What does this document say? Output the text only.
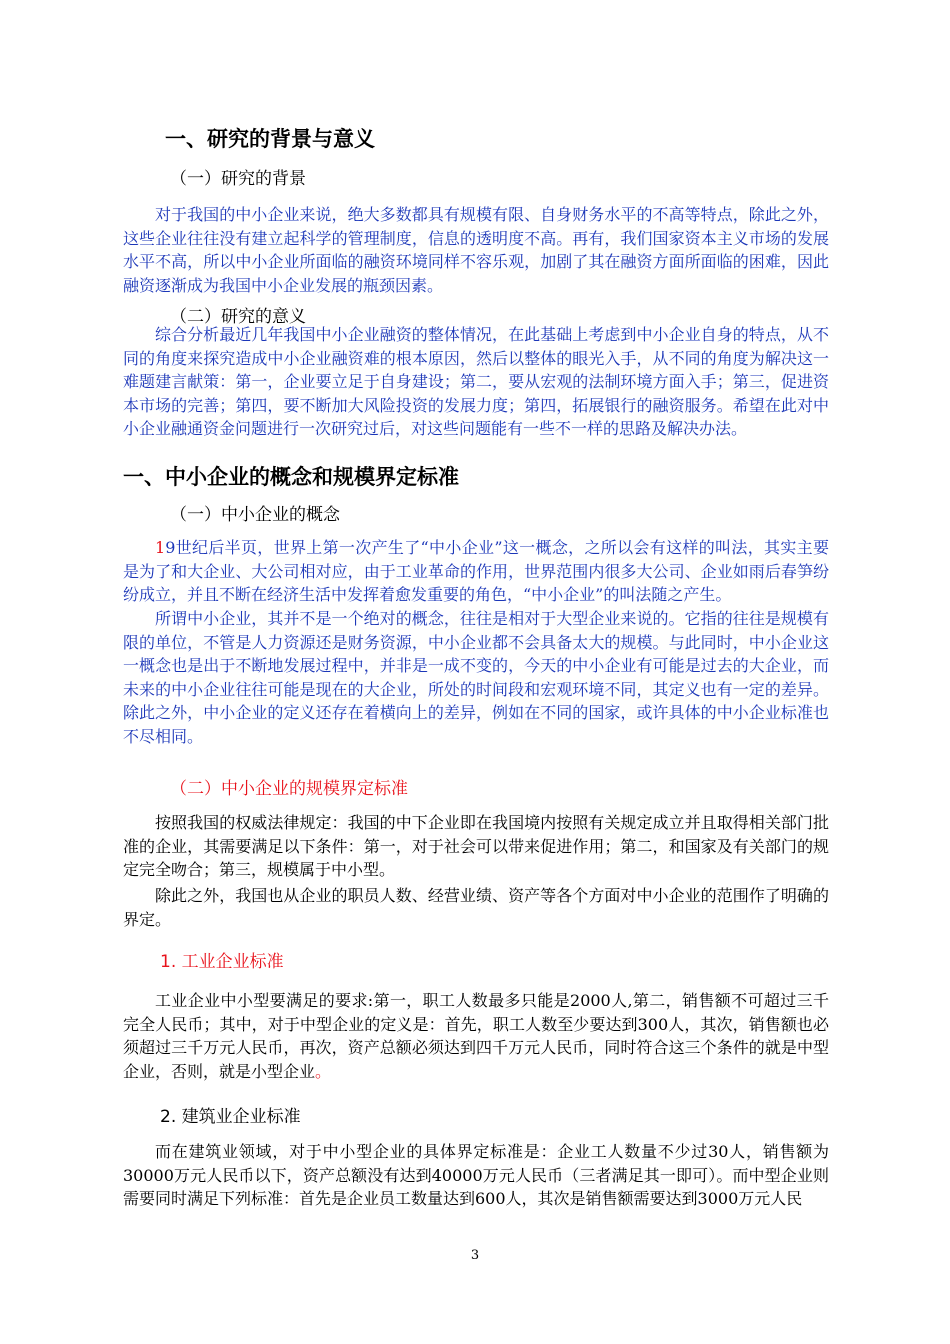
一、研究的背景与意义
（一）研究的背景

对于我国的中小企业来说，绝大多数都具有规模有限、自身财务水平的不高等特点，除此之外，这些企业往往没有建立起科学的管理制度，信息的透明度不高。再有，我们国家资本主义市场的发展水平不高，所以中小企业所面临的融资环境同样不容乐观，加剧了其在融资方面所面临的困难，因此融资逐渐成为我国中小企业发展的瓶颈因素。

（二）研究的意义

综合分析最近几年我国中小企业融资的整体情况，在此基础上考虑到中小企业自身的特点，从不同的角度来探究造成中小企业融资难的根本原因，然后以整体的眼光入手，从不同的角度为解决这一难题建言献策：第一，企业要立足于自身建设；第二，要从宏观的法制环境方面入手；第三，促进资本市场的完善；第四，要不断加大风险投资的发展力度；第四，拓展银行的融资服务。希望在此对中小企业融通资金问题进行一次研究过后，对这些问题能有一些不一样的思路及解决办法。

一、中小企业的概念和规模界定标准
（一）中小企业的概念

19世纪后半页，世界上第一次产生了“中小企业”这一概念，之所以会有这样的叫法，其实主要是为了和大企业、大公司相对应，由于工业革命的作用，世界范围内很多大公司、企业如雨后春笋纷纷成立，并且不断在经济生活中发挥着愈发重要的角色，“中小企业”的叫法随之产生。

所谓中小企业，其并不是一个绝对的概念，往往是相对于大型企业来说的。它指的往往是规模有限的单位，不管是人力资源还是财务资源，中小企业都不会具备太大的规模。与此同时，中小企业这一概念也是出于不断地发展过程中，并非是一成不变的，今天的中小企业有可能是过去的大企业，而未来的中小企业往往可能是现在的大企业，所处的时间段和宏观环境不同，其定义也有一定的差异。除此之外，中小企业的定义还存在着横向上的差异，例如在不同的国家，或许具体的中小企业标准也不尽相同。

（二）中小企业的规模界定标准

按照我国的权威法律规定：我国的中下企业即在我国境内按照有关规定成立并且取得相关部门批准的企业，其需要满足以下条件：第一，对于社会可以带来促进作用；第二，和国家及有关部门的规定完全吻合；第三，规模属于中小型。

除此之外，我国也从企业的职员人数、经营业绩、资产等各个方面对中小企业的范围作了明确的界定。

1. 工业企业标准

工业企业中小型要满足的要求:第一，职工人数最多只能是2000人,第二，销售额不可超过三千完全人民币；其中，对于中型企业的定义是：首先，职工人数至少要达到300人，其次，销售额也必须超过三千万元人民币，再次，资产总额必须达到四千万元人民币，同时符合这三个条件的就是中型企业，否则，就是小型企业。

2. 建筑业企业标准

而在建筑业领域，对于中小型企业的具体界定标准是：企业工人数量不少过30人，销售额为30000万元人民币以下，资产总额没有达到40000万元人民币（三者满足其一即可）。而中型企业则需要同时满足下列标准：首先是企业员工数量达到600人，其次是销售额需要达到3000万元人民

3
